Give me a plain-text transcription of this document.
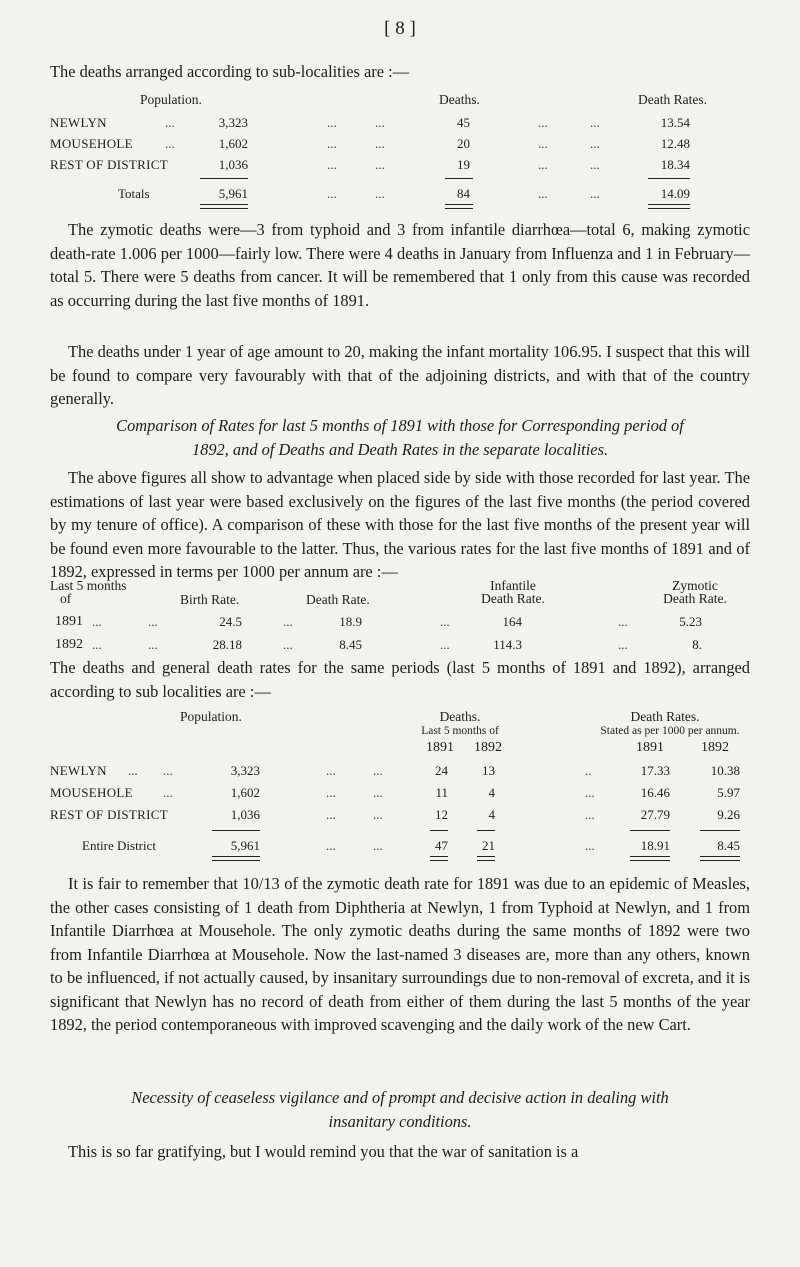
[ 8 ]

The deaths arranged according to sub-localities are :—

Population.	Deaths.	Death Rates.
NEWLYN	...	3,323	...	...	45	...	...	13.54
MOUSEHOLE ...	1,602	...	...	20	...	...	12.48
REST OF DISTRICT	1,036	...	...	19	...	...	18.34
Totals	5,961	...	...	84	...	...	14.09

The zymotic deaths were—3 from typhoid and 3 from infantile diarrhœa—total 6, making zymotic death-rate 1.006 per 1000—fairly low. There were 4 deaths in January from Influenza and 1 in February—total 5. There were 5 deaths from cancer. It will be remembered that 1 only from this cause was recorded as occurring during the last five months of 1891.

The deaths under 1 year of age amount to 20, making the infant mortality 106.95. I suspect that this will be found to compare very favourably with that of the adjoining districts, and with that of the country generally.

Comparison of Rates for last 5 months of 1891 with those for Corresponding period of

1892, and of Deaths and Death Rates in the separate localities.

The above figures all show to advantage when placed side by side with those recorded for last year. The estimations of last year were based exclusively on the figures of the last five months (the period covered by my tenure of office). A comparison of these with those for the last five months of the present year will be found even more favourable to the latter. Thus, the various rates for the last five months of 1891 and of 1892, expressed in terms per 1000 per annum are :—

Last 5 months
of	Birth Rate.	Death Rate.
Infantile
Death Rate.
Zymotic
Death Rate.
1891 ...	...	24.5	...	18.9	...	164	...	5.23
1892 ...	...	28.18	...	8.45	...	114.3	...	8.

The deaths and general death rates for the same periods (last 5 months of 1891 and 1892), arranged according to sub localities are :—

Population.	Deaths.
Last 5 months of
Death Rates.
Stated as per 1000 per annum.
1891 1892	1891	1892
NEWLYN ... ...	3,323	...	...	24	13	..	17.33	10.38
MOUSEHOLE ...	1,602	...	...	11	4	...	16.46	5.97
REST OF DISTRICT	1,036	...	...	12	4	...	27.79	9.26
Entire District	5,961	...	...	47	21	...	18.91	8.45

It is fair to remember that 10/13 of the zymotic death rate for 1891 was due to an epidemic of Measles, the other cases consisting of 1 death from Diphtheria at Newlyn, 1 from Typhoid at Newlyn, and 1 from Infantile Diarrhœa at Mousehole. The only zymotic deaths during the same months of 1892 were two from Infantile Diarrhœa at Mousehole. Now the last-named 3 diseases are, more than any others, known to be influenced, if not actually caused, by insanitary surroundings due to non-removal of excreta, and it is significant that Newlyn has no record of death from either of them during the last 5 months of the year 1892, the period contemporaneous with improved scavenging and the daily work of the new Cart.

Necessity of ceaseless vigilance and of prompt and decisive action in dealing with

insanitary conditions.

This is so far gratifying, but I would remind you that the war of sanitation is a
